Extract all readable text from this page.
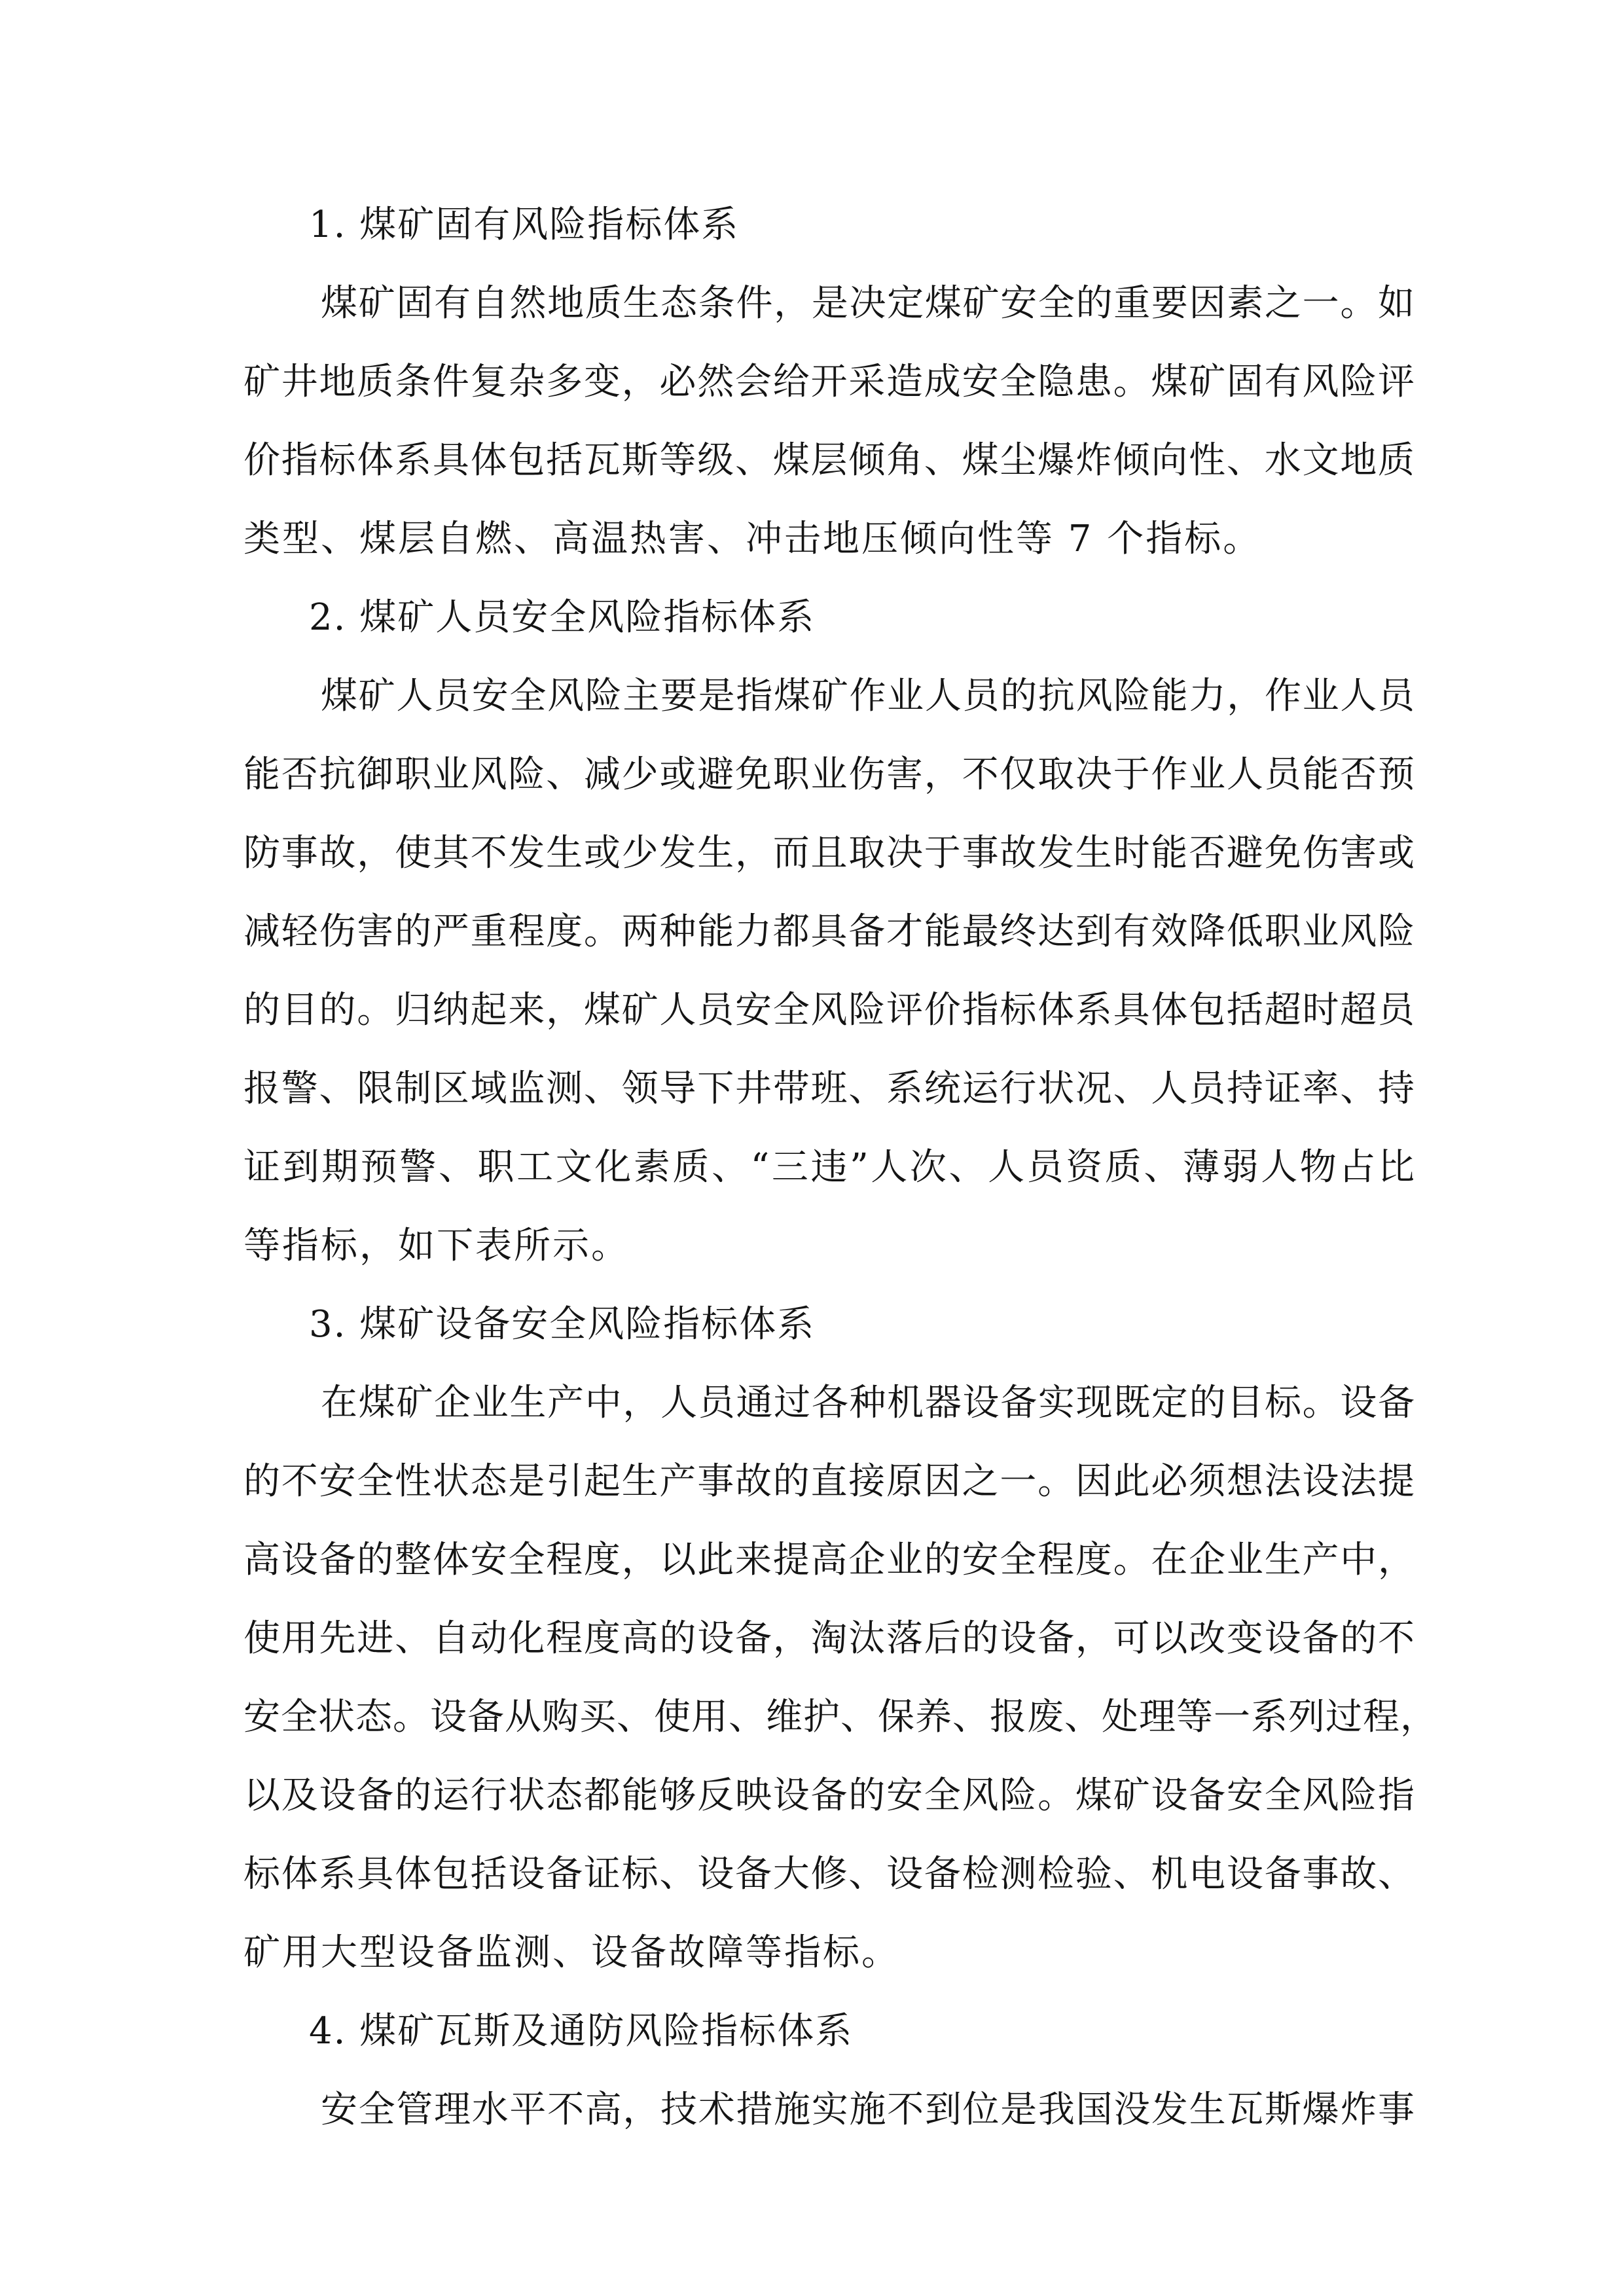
1. 煤矿固有风险指标体系
煤矿固有自然地质生态条件，是决定煤矿安全的重要因素之一。如
矿井地质条件复杂多变，必然会给开采造成安全隐患。煤矿固有风险评
价指标体系具体包括瓦斯等级、煤层倾角、煤尘爆炸倾向性、水文地质
类型、煤层自燃、高温热害、冲击地压倾向性等 7 个指标。
2. 煤矿人员安全风险指标体系
煤矿人员安全风险主要是指煤矿作业人员的抗风险能力，作业人员
能否抗御职业风险、减少或避免职业伤害，不仅取决于作业人员能否预
防事故，使其不发生或少发生，而且取决于事故发生时能否避免伤害或
减轻伤害的严重程度。两种能力都具备才能最终达到有效降低职业风险
的目的。归纳起来，煤矿人员安全风险评价指标体系具体包括超时超员
报警、限制区域监测、领导下井带班、系统运行状况、人员持证率、持
证到期预警、职工文化素质、“三违”人次、人员资质、薄弱人物占比
等指标，如下表所示。
3. 煤矿设备安全风险指标体系
在煤矿企业生产中，人员通过各种机器设备实现既定的目标。设备
的不安全性状态是引起生产事故的直接原因之一。因此必须想法设法提
高设备的整体安全程度，以此来提高企业的安全程度。在企业生产中，
使用先进、自动化程度高的设备，淘汰落后的设备，可以改变设备的不
安全状态。设备从购买、使用、维护、保养、报废、处理等一系列过程，
以及设备的运行状态都能够反映设备的安全风险。煤矿设备安全风险指
标体系具体包括设备证标、设备大修、设备检测检验、机电设备事故、
矿用大型设备监测、设备故障等指标。
4. 煤矿瓦斯及通防风险指标体系
安全管理水平不高，技术措施实施不到位是我国没发生瓦斯爆炸事
